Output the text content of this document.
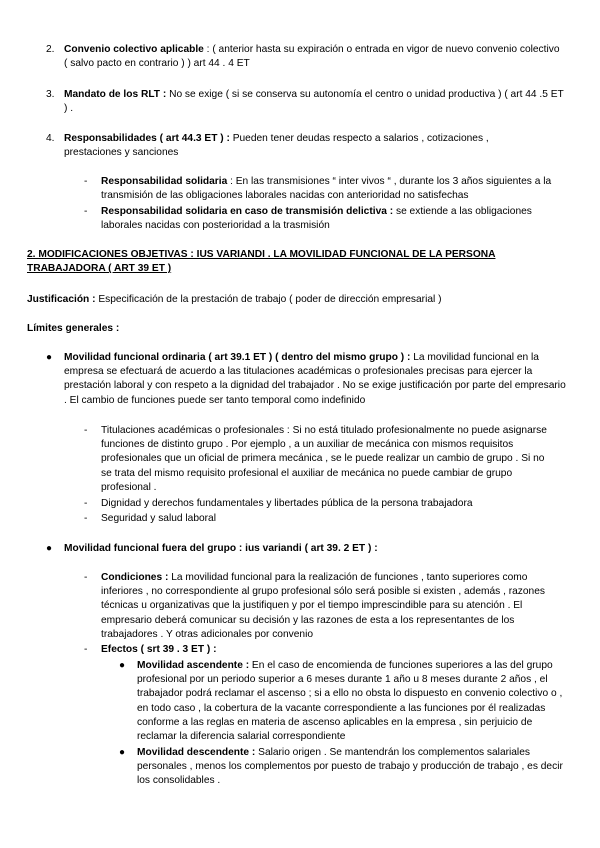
2. Convenio colectivo aplicable : ( anterior hasta su expiración o entrada en vigor de nuevo convenio colectivo ( salvo pacto en contrario ) ) art 44 . 4 ET

3. Mandato de los RLT : No se exige ( si se conserva su autonomía el centro o unidad productiva ) ( art 44 .5 ET ) .

4. Responsabilidades ( art 44.3 ET ) : Pueden tener deudas respecto a salarios , cotizaciones , prestaciones y sanciones

- Responsabilidad solidaria : En las transmisiones “ inter vivos “ , durante los 3 años siguientes a la transmisión de las obligaciones laborales nacidas con anterioridad no satisfechas

- Responsabilidad solidaria en caso de transmisión delictiva : se extiende a las obligaciones laborales nacidas con posterioridad a la trasmisión

2. MODIFICACIONES OBJETIVAS : IUS VARIANDI . LA MOVILIDAD FUNCIONAL DE LA PERSONA TRABAJADORA ( ART 39 ET )

Justificación : Especificación de la prestación de trabajo ( poder de dirección empresarial )

Límites generales :

● Movilidad funcional ordinaria ( art 39.1 ET ) ( dentro del mismo grupo ) : La movilidad funcional en la empresa se efectuará de acuerdo a las titulaciones académicas o profesionales precisas para ejercer la prestación laboral y con respeto a la dignidad del trabajador . No se exige justificación por parte del empresario . El cambio de funciones puede ser tanto temporal como indefinido

- Titulaciones académicas o profesionales : Si no está titulado profesionalmente no puede asignarse funciones de distinto grupo . Por ejemplo , a un auxiliar de mecánica con mismos requisitos profesionales que un oficial de primera mecánica , se le puede realizar un cambio de grupo . Si no se trata del mismo requisito profesional el auxiliar de mecánica no puede cambiar de grupo profesional .

- Dignidad y derechos fundamentales y libertades pública de la persona trabajadora

- Seguridad y salud laboral

● Movilidad funcional fuera del grupo : ius variandi ( art 39. 2 ET ) :

- Condiciones : La movilidad funcional para la realización de funciones , tanto superiores como inferiores , no correspondiente al grupo profesional sólo será posible si existen , además , razones técnicas u organizativas que la justifiquen y por el tiempo imprescindible para su atención . El empresario deberá comunicar su decisión y las razones de esta a los representantes de los trabajadores . Y otras adicionales por convenio

- Efectos ( srt 39 . 3 ET ) :

● Movilidad ascendente : En el caso de encomienda de funciones superiores a las del grupo profesional por un periodo superior a 6 meses durante 1 año u 8 meses durante 2 años , el trabajador podrá reclamar el ascenso ; si a ello no obsta lo dispuesto en convenio colectivo o , en todo caso , la cobertura de la vacante correspondiente a las funciones por él realizadas conforme a las reglas en materia de ascenso aplicables en la empresa , sin perjuicio de reclamar la diferencia salarial correspondiente

● Movilidad descendente : Salario origen . Se mantendrán los complementos salariales personales , menos los complementos por puesto de trabajo y producción de trabajo , es decir los consolidables .
